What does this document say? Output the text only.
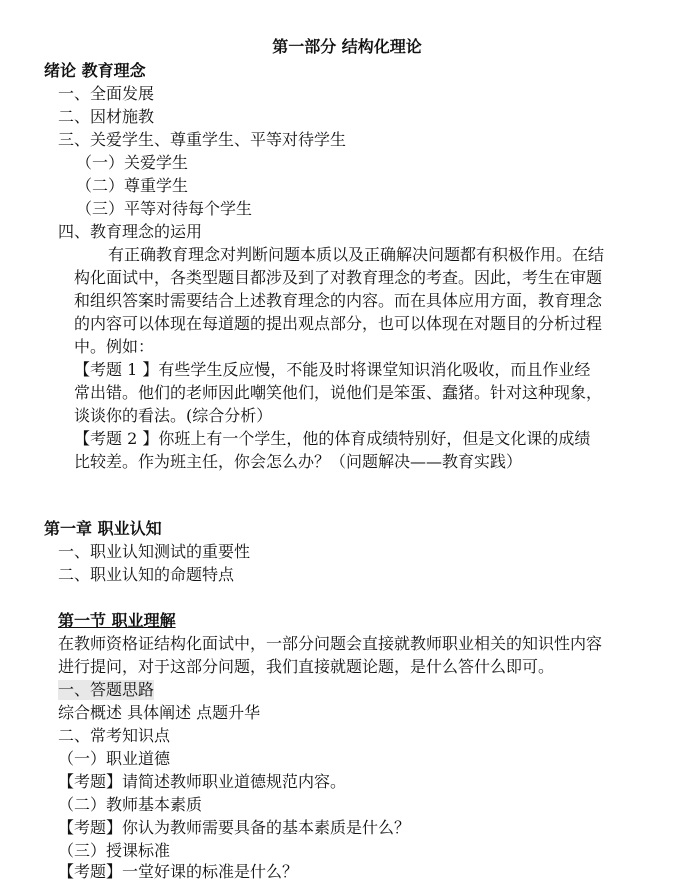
第一部分 结构化理论
绪论 教育理念
一、全面发展
二、因材施教
三、关爱学生、尊重学生、平等对待学生
（一）关爱学生
（二）尊重学生
（三）平等对待每个学生
四、教育理念的运用
有正确教育理念对判断问题本质以及正确解决问题都有积极作用。在结
构化面试中，各类型题目都涉及到了对教育理念的考查。因此，考生在审题
和组织答案时需要结合上述教育理念的内容。而在具体应用方面，教育理念
的内容可以体现在每道题的提出观点部分，也可以体现在对题目的分析过程
中。例如：
【考题 1 】有些学生反应慢，不能及时将课堂知识消化吸收，而且作业经
常出错。他们的老师因此嘲笑他们，说他们是笨蛋、蠢猪。针对这种现象，
谈谈你的看法。(综合分析）
【考题 2 】你班上有一个学生，他的体育成绩特别好，但是文化课的成绩
比较差。作为班主任，你会怎么办？（问题解决——教育实践）
第一章 职业认知
一、职业认知测试的重要性
二、职业认知的命题特点
第一节 职业理解
在教师资格证结构化面试中，一部分问题会直接就教师职业相关的知识性内容
进行提问，对于这部分问题，我们直接就题论题，是什么答什么即可。
一、答题思路
综合概述 具体阐述 点题升华
二、常考知识点
（一）职业道德
【考题】请简述教师职业道德规范内容。
（二）教师基本素质
【考题】你认为教师需要具备的基本素质是什么？
（三）授课标准
【考题】一堂好课的标准是什么？
